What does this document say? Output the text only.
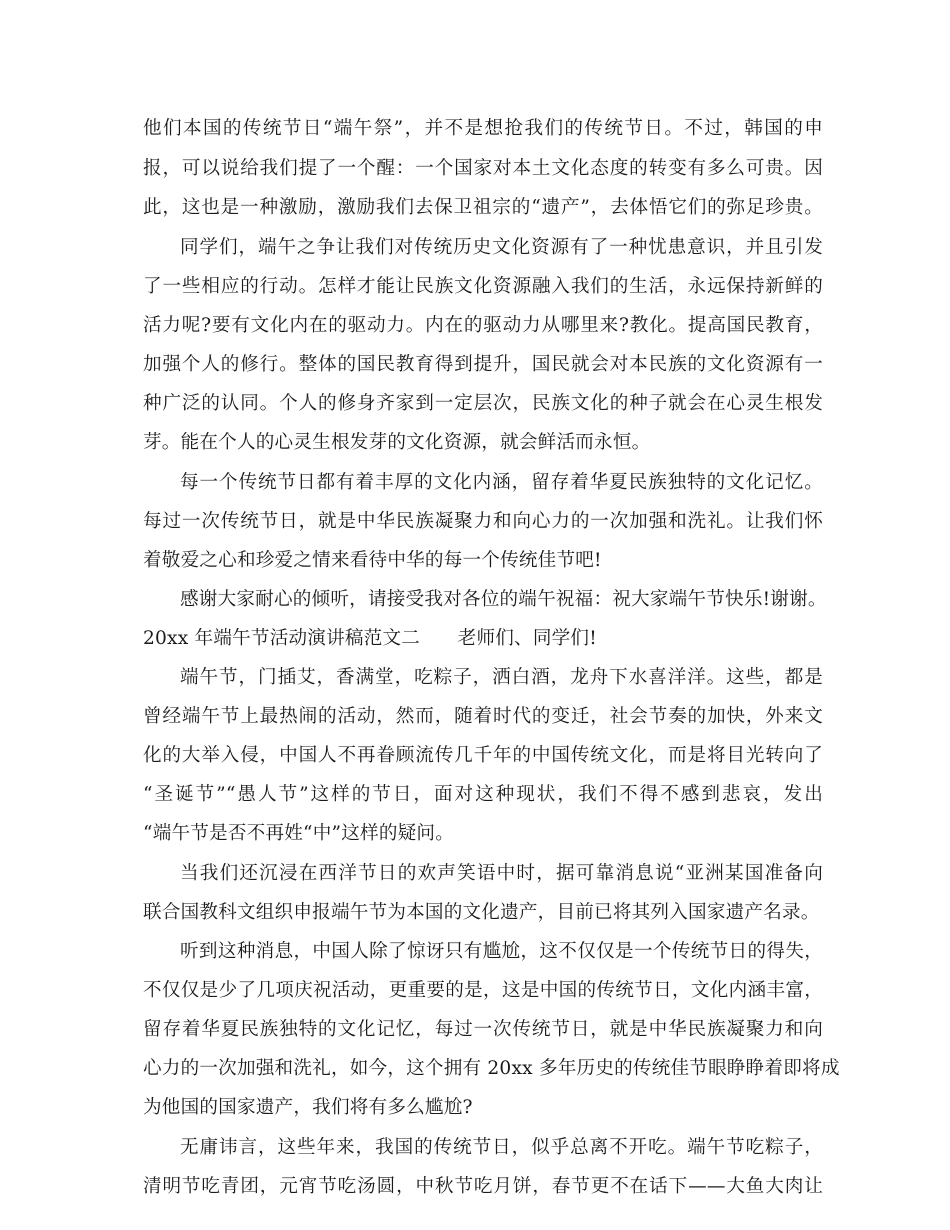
他们本国的传统节日“端午祭”，并不是想抢我们的传统节日。不过，韩国的申
报，可以说给我们提了一个醒：一个国家对本土文化态度的转变有多么可贵。因
此，这也是一种激励，激励我们去保卫祖宗的“遗产”，去体悟它们的弥足珍贵。
同学们，端午之争让我们对传统历史文化资源有了一种忧患意识，并且引发
了一些相应的行动。怎样才能让民族文化资源融入我们的生活，永远保持新鲜的
活力呢?要有文化内在的驱动力。内在的驱动力从哪里来?教化。提高国民教育，
加强个人的修行。整体的国民教育得到提升，国民就会对本民族的文化资源有一
种广泛的认同。个人的修身齐家到一定层次，民族文化的种子就会在心灵生根发
芽。能在个人的心灵生根发芽的文化资源，就会鲜活而永恒。
每一个传统节日都有着丰厚的文化内涵，留存着华夏民族独特的文化记忆。
每过一次传统节日，就是中华民族凝聚力和向心力的一次加强和洗礼。让我们怀
着敬爱之心和珍爱之情来看待中华的每一个传统佳节吧!
感谢大家耐心的倾听，请接受我对各位的端午祝福：祝大家端午节快乐!谢谢。
20xx 年端午节活动演讲稿范文二　　老师们、同学们!
端午节，门插艾，香满堂，吃粽子，洒白酒，龙舟下水喜洋洋。这些，都是
曾经端午节上最热闹的活动，然而，随着时代的变迁，社会节奏的加快，外来文
化的大举入侵，中国人不再眷顾流传几千年的中国传统文化，而是将目光转向了
“圣诞节”“愚人节”这样的节日，面对这种现状，我们不得不感到悲哀，发出
“端午节是否不再姓“中”这样的疑问。
当我们还沉浸在西洋节日的欢声笑语中时，据可靠消息说“亚洲某国准备向
联合国教科文组织申报端午节为本国的文化遗产，目前已将其列入国家遗产名录。
听到这种消息，中国人除了惊讶只有尴尬，这不仅仅是一个传统节日的得失，
不仅仅是少了几项庆祝活动，更重要的是，这是中国的传统节日，文化内涵丰富，
留存着华夏民族独特的文化记忆，每过一次传统节日，就是中华民族凝聚力和向
心力的一次加强和洗礼，如今，这个拥有 20xx 多年历史的传统佳节眼睁睁着即将成
为他国的国家遗产，我们将有多么尴尬?
无庸讳言，这些年来，我国的传统节日，似乎总离不开吃。端午节吃粽子，
清明节吃青团，元宵节吃汤圆，中秋节吃月饼，春节更不在话下——大鱼大肉让
